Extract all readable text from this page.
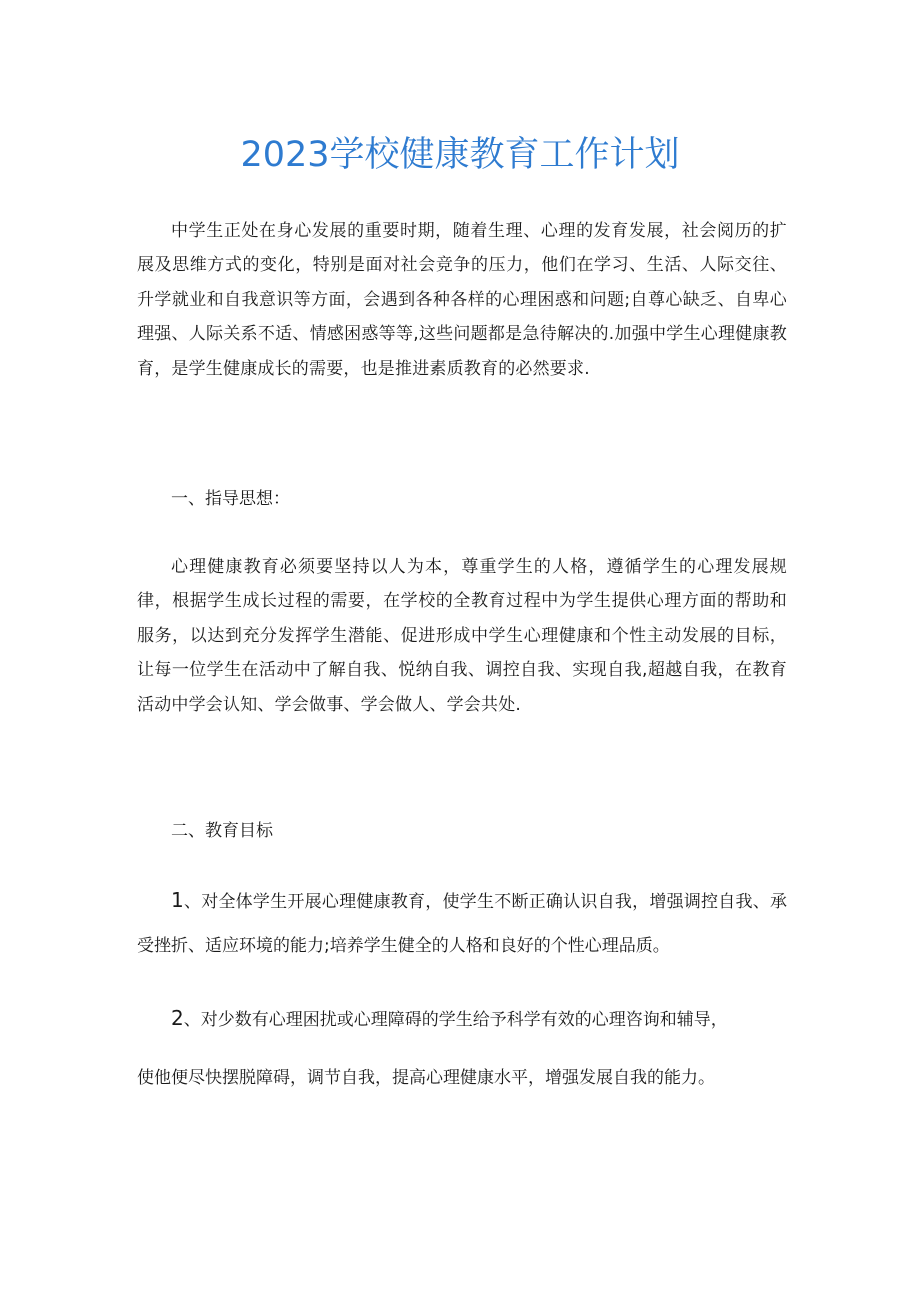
2023学校健康教育工作计划

中学生正处在身心发展的重要时期，随着生理、心理的发育发展，社会阅历的扩展及思维方式的变化，特别是面对社会竞争的压力，他们在学习、生活、人际交往、升学就业和自我意识等方面，会遇到各种各样的心理困惑和问题;自尊心缺乏、自卑心理强、人际关系不适、情感困惑等等,这些问题都是急待解决的.加强中学生心理健康教育，是学生健康成长的需要，也是推进素质教育的必然要求.

一、指导思想：

心理健康教育必须要坚持以人为本，尊重学生的人格，遵循学生的心理发展规律，根据学生成长过程的需要，在学校的全教育过程中为学生提供心理方面的帮助和服务，以达到充分发挥学生潜能、促进形成中学生心理健康和个性主动发展的目标，让每一位学生在活动中了解自我、悦纳自我、调控自我、实现自我,超越自我，在教育活动中学会认知、学会做事、学会做人、学会共处.

二、教育目标

1、对全体学生开展心理健康教育，使学生不断正确认识自我，增强调控自我、承受挫折、适应环境的能力;培养学生健全的人格和良好的个性心理品质。

2、对少数有心理困扰或心理障碍的学生给予科学有效的心理咨询和辅导，

使他便尽快摆脱障碍，调节自我，提高心理健康水平，增强发展自我的能力。
